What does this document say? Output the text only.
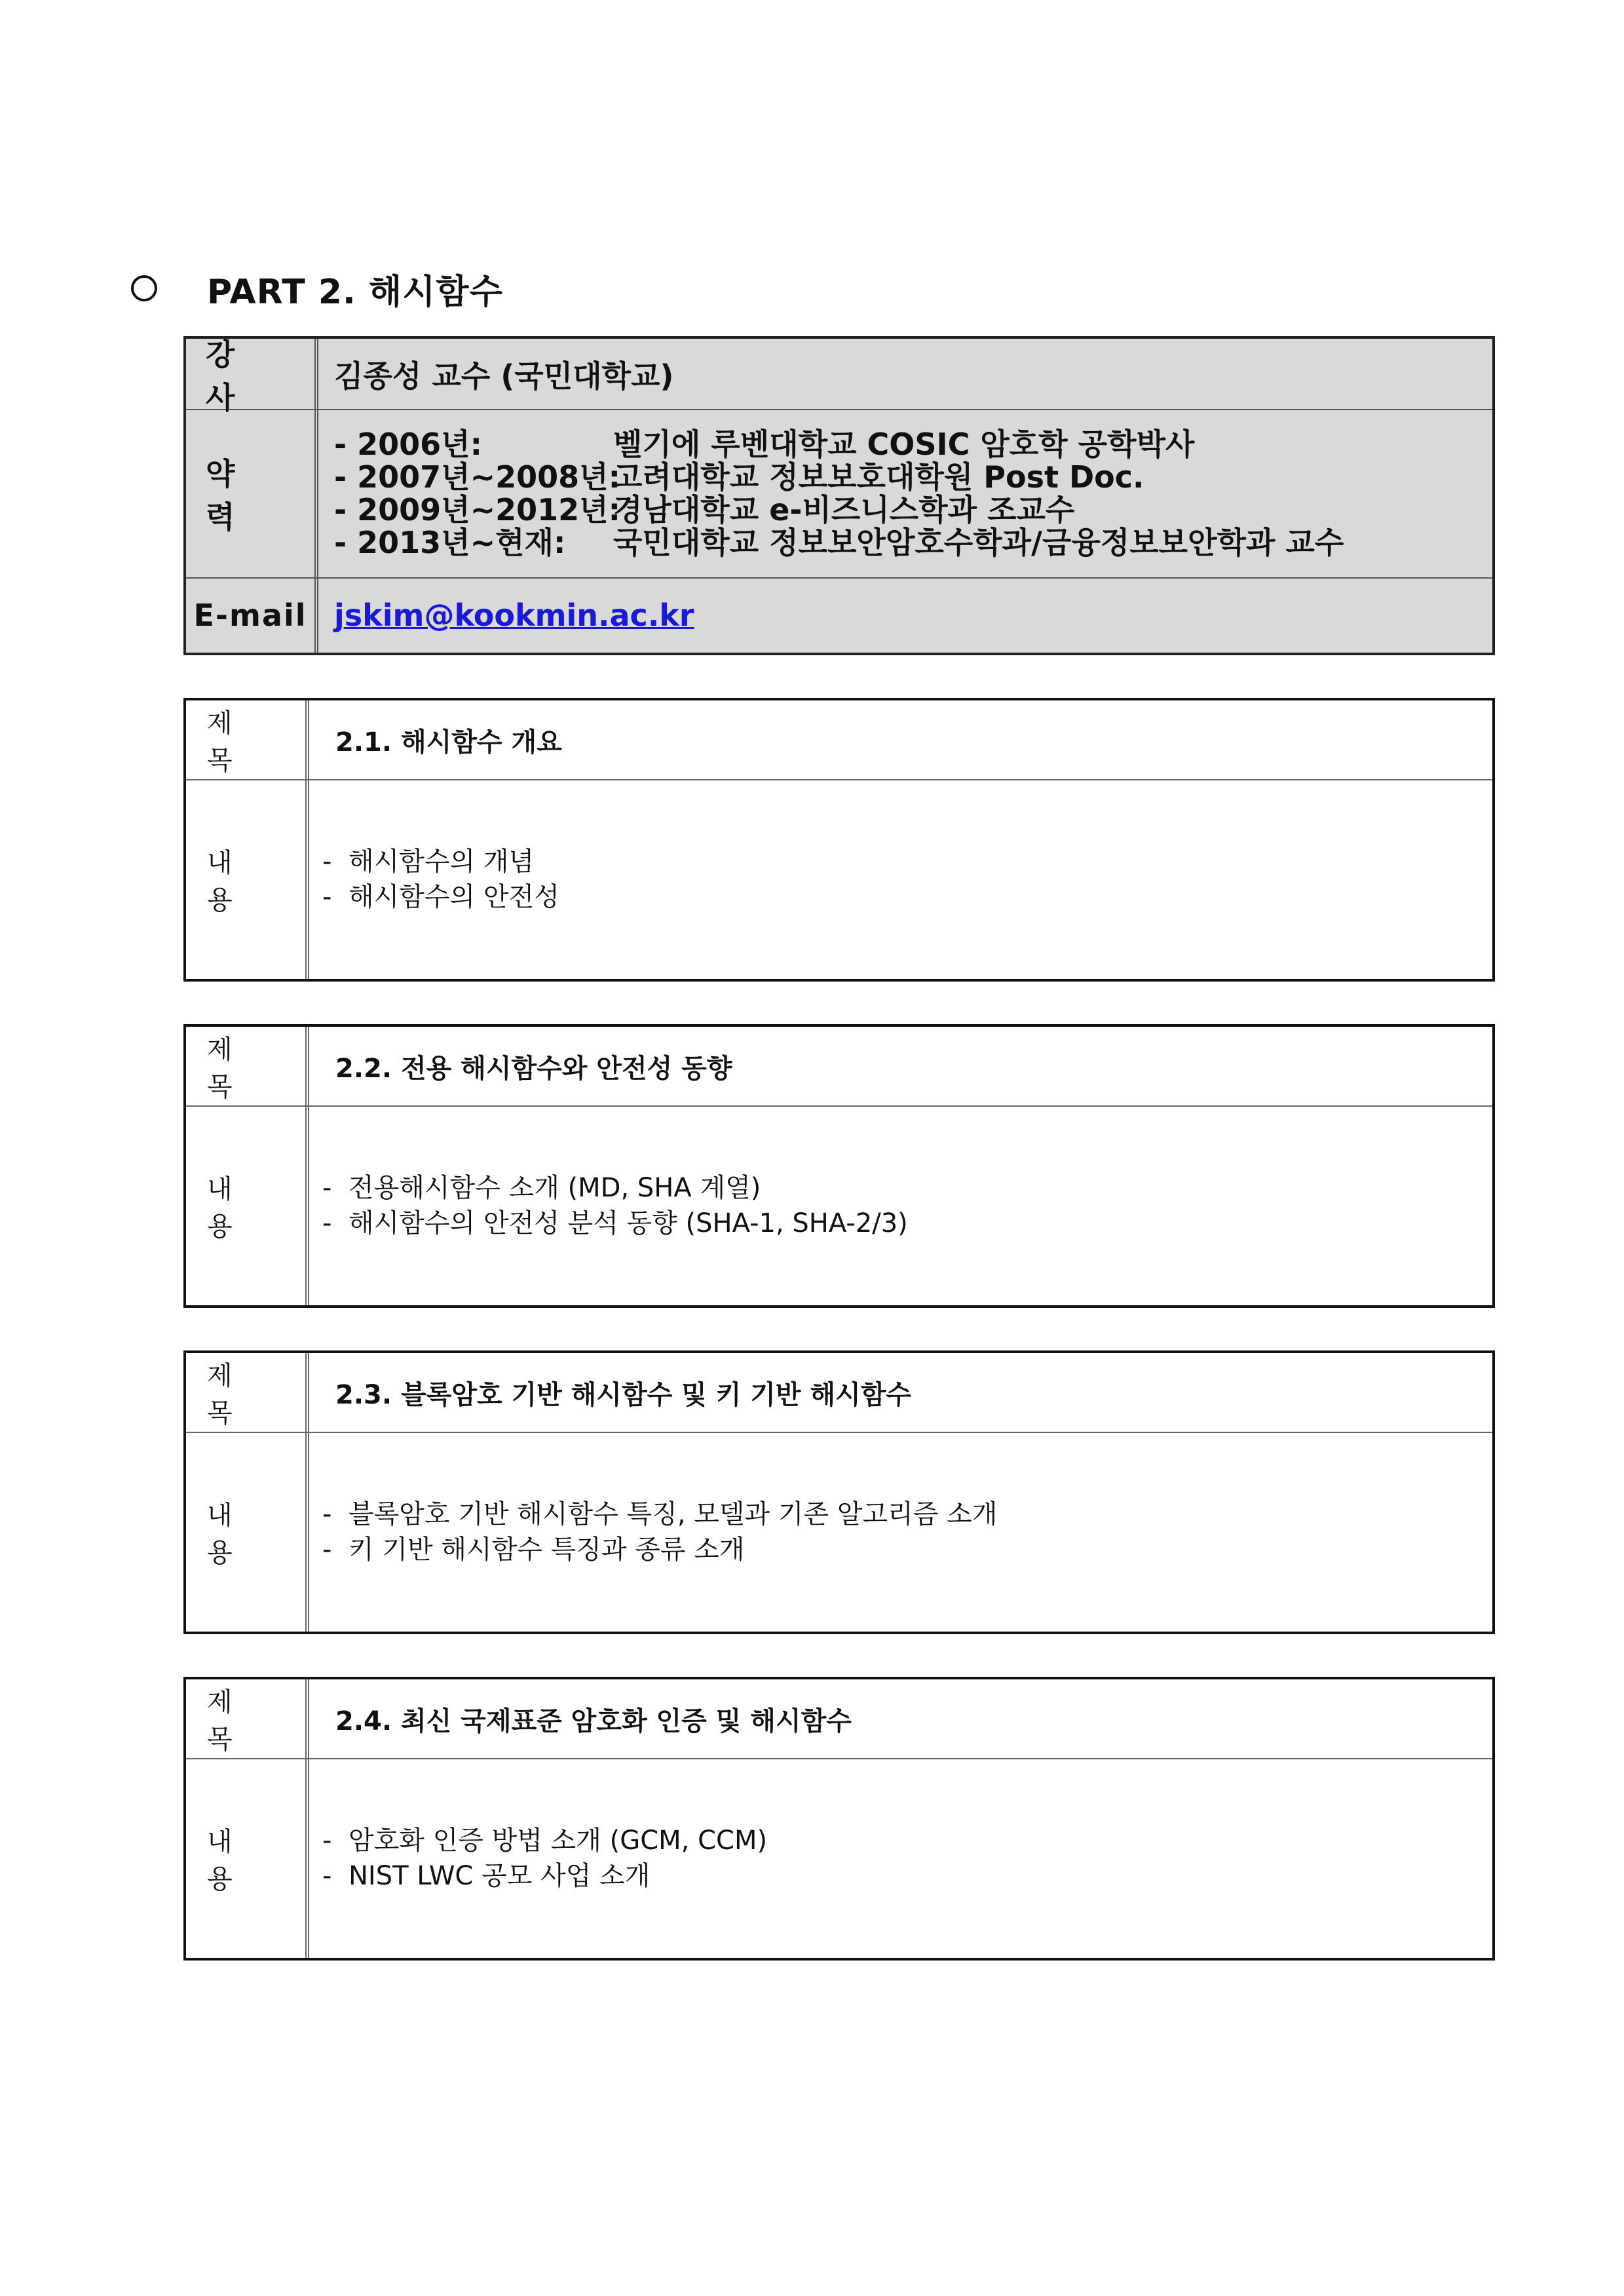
PART 2. 해시함수
강 사
김종성 교수 (국민대학교)
약 력
- 2006년:	벨기에 루벤대학교 COSIC 암호학 공학박사
- 2007년~2008년:
고려대학교 정보보호대학원 Post Doc.
- 2009년~2012년:
경남대학교 e-비즈니스학과 조교수
- 2013년~현재:	국민대학교 정보보안암호수학과/금융정보보안학과 교수
E-mail jskim@kookmin.ac.kr
제 목
2.1. 해시함수 개요
내 용
- 해시함수의 개념
- 해시함수의 안전성
제 목
2.2. 전용 해시함수와 안전성 동향
내 용
- 전용해시함수 소개 (MD, SHA 계열)
- 해시함수의 안전성 분석 동향 (SHA-1, SHA-2/3)
제 목
2.3. 블록암호 기반 해시함수 및 키 기반 해시함수
내 용
- 블록암호 기반 해시함수 특징, 모델과 기존 알고리즘 소개
- 키 기반 해시함수 특징과 종류 소개
제 목
2.4. 최신 국제표준 암호화 인증 및 해시함수
내 용
- 암호화 인증 방법 소개 (GCM, CCM)
- NIST LWC 공모 사업 소개
